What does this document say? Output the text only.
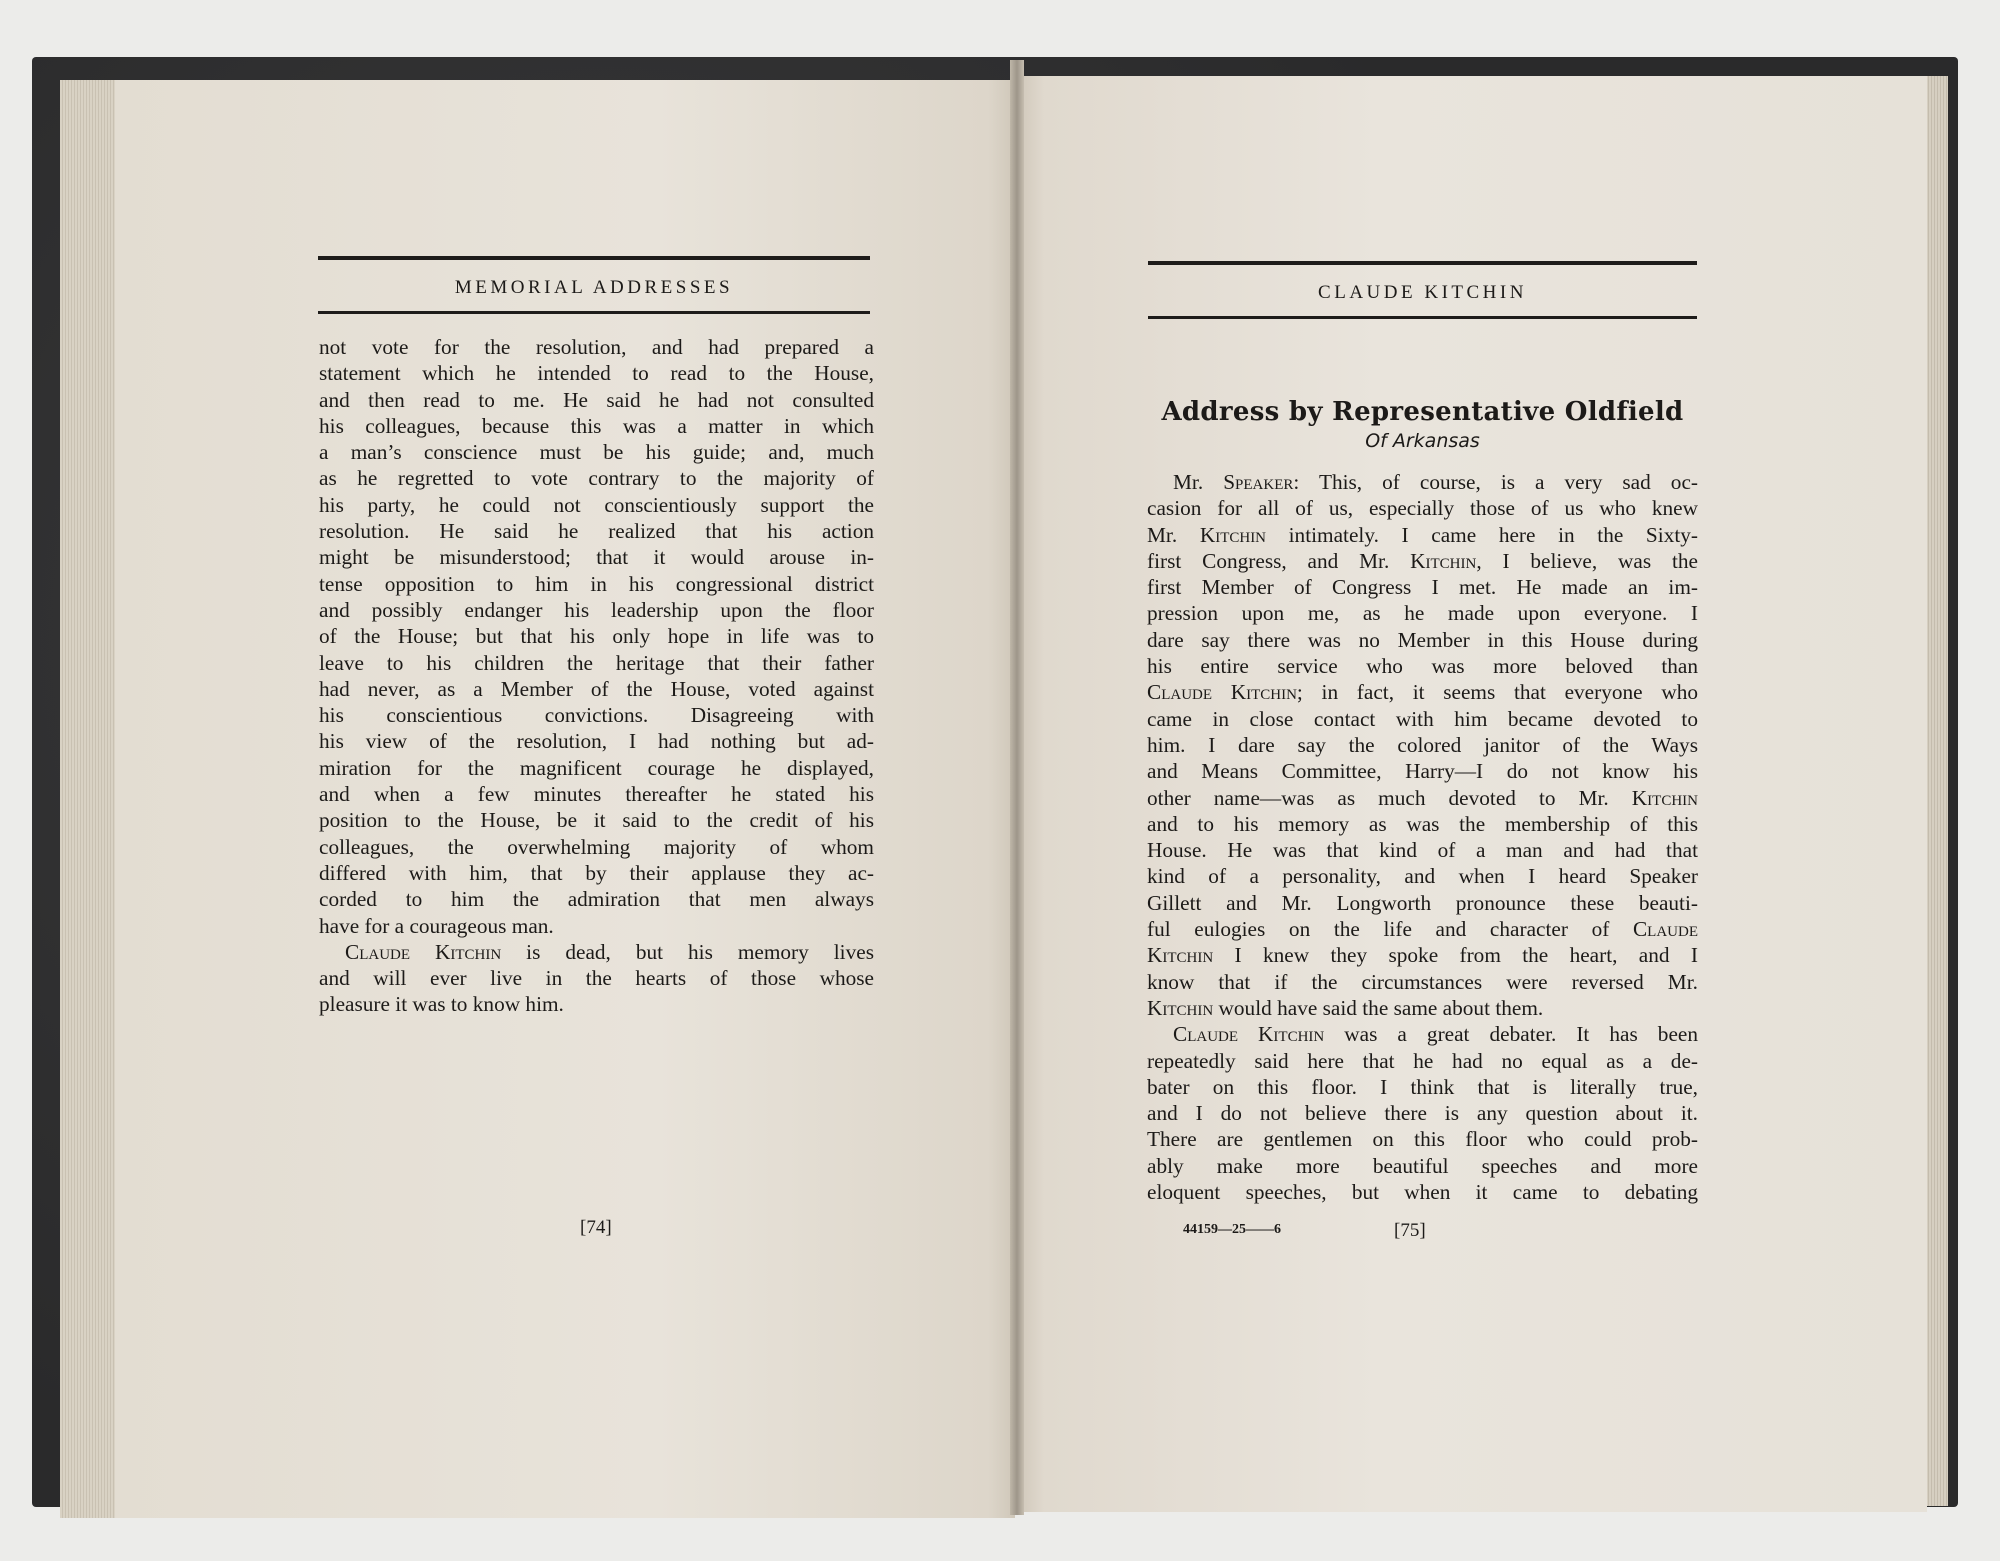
MEMORIAL ADDRESSES
not vote for the resolution, and had prepared a
statement which he intended to read to the House,
and then read to me. He said he had not consulted
his colleagues, because this was a matter in which
a man’s conscience must be his guide; and, much
as he regretted to vote contrary to the majority of
his party, he could not conscientiously support the
resolution. He said he realized that his action
might be misunderstood; that it would arouse in-
tense opposition to him in his congressional district
and possibly endanger his leadership upon the floor
of the House; but that his only hope in life was to
leave to his children the heritage that their father
had never, as a Member of the House, voted against
his conscientious convictions. Disagreeing with
his view of the resolution, I had nothing but ad-
miration for the magnificent courage he displayed,
and when a few minutes thereafter he stated his
position to the House, be it said to the credit of his
colleagues, the overwhelming majority of whom
differed with him, that by their applause they ac-
corded to him the admiration that men always
have for a courageous man.
Claude Kitchin is dead, but his memory lives
and will ever live in the hearts of those whose
pleasure it was to know him.
[74]
CLAUDE KITCHIN
Address by Representative Oldfield
Of Arkansas
Mr. Speaker: This, of course, is a very sad oc-
casion for all of us, especially those of us who knew
Mr. Kitchin intimately. I came here in the Sixty-
first Congress, and Mr. Kitchin, I believe, was the
first Member of Congress I met. He made an im-
pression upon me, as he made upon everyone. I
dare say there was no Member in this House during
his entire service who was more beloved than
Claude Kitchin; in fact, it seems that everyone who
came in close contact with him became devoted to
him. I dare say the colored janitor of the Ways
and Means Committee, Harry—I do not know his
other name—was as much devoted to Mr. Kitchin
and to his memory as was the membership of this
House. He was that kind of a man and had that
kind of a personality, and when I heard Speaker
Gillett and Mr. Longworth pronounce these beauti-
ful eulogies on the life and character of Claude
Kitchin I knew they spoke from the heart, and I
know that if the circumstances were reversed Mr.
Kitchin would have said the same about them.
Claude Kitchin was a great debater. It has been
repeatedly said here that he had no equal as a de-
bater on this floor. I think that is literally true,
and I do not believe there is any question about it.
There are gentlemen on this floor who could prob-
ably make more beautiful speeches and more
eloquent speeches, but when it came to debating
44159—25——6	[75]
